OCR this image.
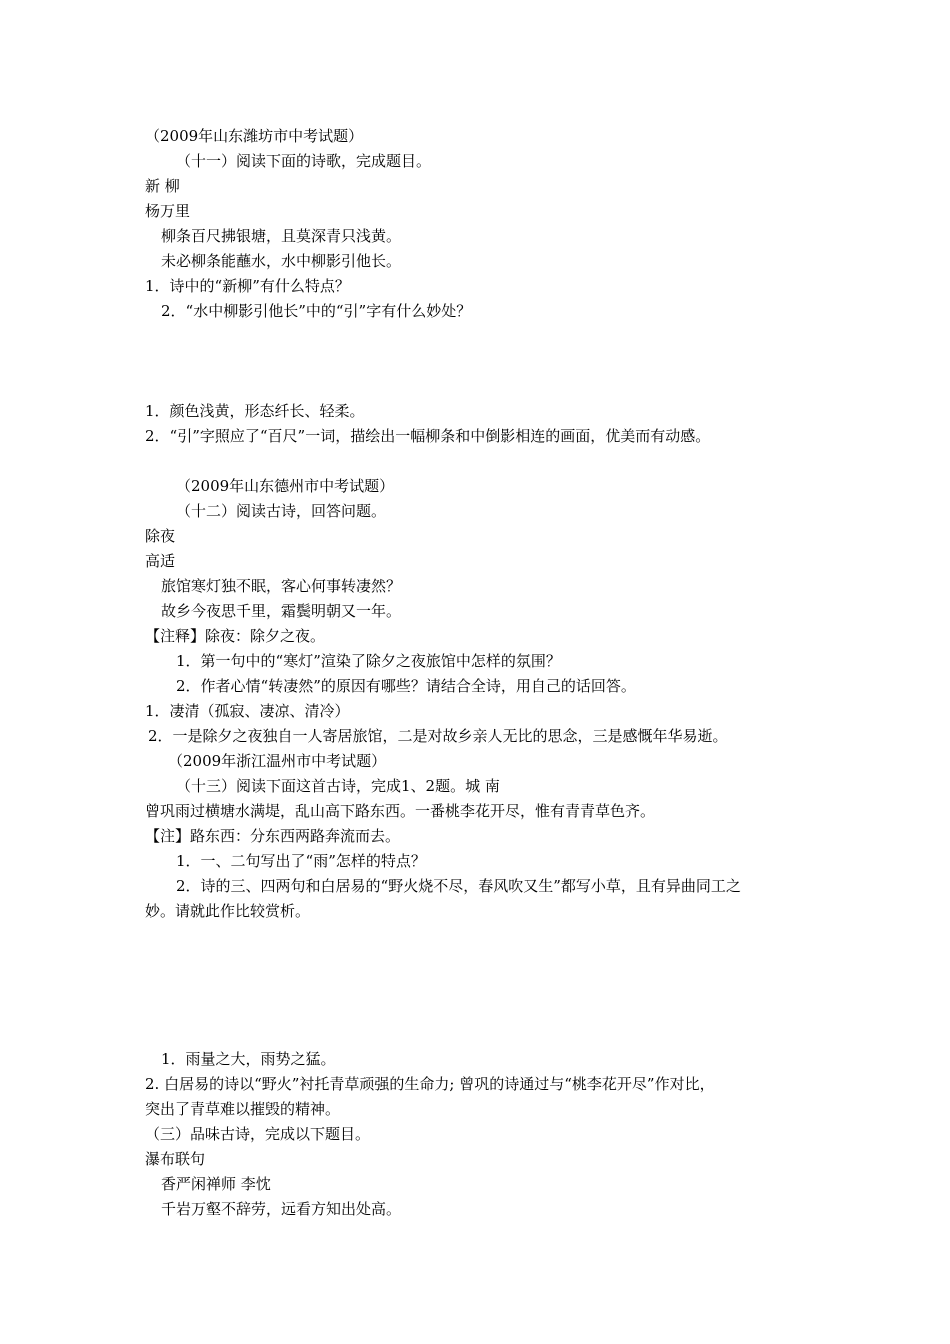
（2009年山东潍坊市中考试题）
（十一）阅读下面的诗歌，完成题目。
新 柳
杨万里
柳条百尺拂银塘，且莫深青只浅黄。
未必柳条能蘸水，水中柳影引他长。
1．诗中的“新柳”有什么特点？
2．“水中柳影引他长”中的“引”字有什么妙处？
1．颜色浅黄，形态纤长、轻柔。
2．“引”字照应了“百尺”一词，描绘出一幅柳条和中倒影相连的画面，优美而有动感。
（2009年山东德州市中考试题）
（十二）阅读古诗，回答问题。
除夜
高适
旅馆寒灯独不眠，客心何事转凄然？
故乡今夜思千里，霜鬓明朝又一年。
【注释】除夜：除夕之夜。
1．第一句中的“寒灯”渲染了除夕之夜旅馆中怎样的氛围？
2．作者心情“转凄然”的原因有哪些？请结合全诗，用自己的话回答。
1．凄清（孤寂、凄凉、清冷）
2．一是除夕之夜独自一人寄居旅馆，二是对故乡亲人无比的思念，三是感慨年华易逝。
（2009年浙江温州市中考试题）
（十三）阅读下面这首古诗，完成1、2题。城 南
曾巩雨过横塘水满堤，乱山高下路东西。一番桃李花开尽，惟有青青草色齐。
【注】路东西：分东西两路奔流而去。
1．一、二句写出了“雨”怎样的特点？
2．诗的三、四两句和白居易的“野火烧不尽，春风吹又生”都写小草，且有异曲同工之
妙。请就此作比较赏析。
1．雨量之大，雨势之猛。
2. 白居易的诗以“野火”衬托青草顽强的生命力; 曾巩的诗通过与“桃李花开尽”作对比，
突出了青草难以摧毁的精神。
（三）品味古诗，完成以下题目。
瀑布联句
香严闲禅师 李忱
千岩万壑不辞劳，远看方知出处高。
